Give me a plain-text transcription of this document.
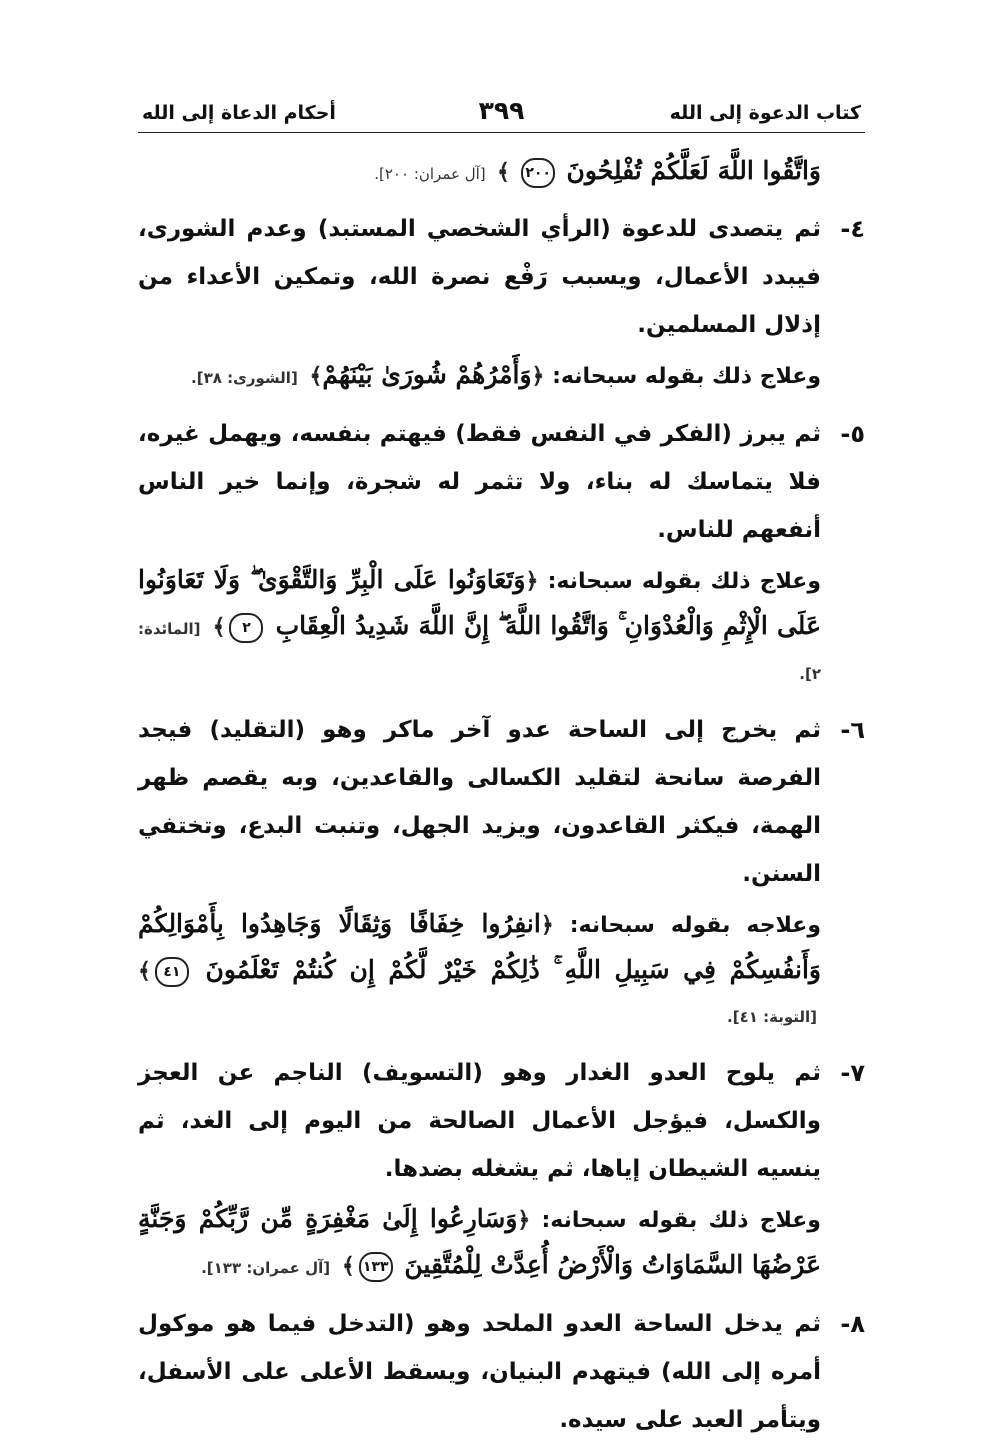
كتاب الدعوة إلى الله
٣٩٩
أحكام الدعاة إلى الله
وَاتَّقُوا اللَّهَ لَعَلَّكُمْ تُفْلِحُونَ ٢٠٠ ﴾ [آل عمران: ٢٠٠].
٤-
ثم يتصدى للدعوة (الرأي الشخصي المستبد) وعدم الشورى، فيبدد الأعمال، ويسبب رَفْع نصرة الله، وتمكين الأعداء من إذلال المسلمين.
وعلاج ذلك بقوله سبحانه: ﴿وَأَمْرُهُمْ شُورَىٰ بَيْنَهُمْ﴾ [الشورى: ٣٨].
٥-
ثم يبرز (الفكر في النفس فقط) فيهتم بنفسه، ويهمل غيره، فلا يتماسك له بناء، ولا تثمر له شجرة، وإنما خير الناس أنفعهم للناس.
وعلاج ذلك بقوله سبحانه: ﴿وَتَعَاوَنُوا عَلَى الْبِرِّ وَالتَّقْوَىٰ ۖ وَلَا تَعَاوَنُوا عَلَى الْإِثْمِ وَالْعُدْوَانِ ۚ وَاتَّقُوا اللَّهَ ۖ إِنَّ اللَّهَ شَدِيدُ الْعِقَابِ ٢﴾ [المائدة: ٢].
٦-
ثم يخرج إلى الساحة عدو آخر ماكر وهو (التقليد) فيجد الفرصة سانحة لتقليد الكسالى والقاعدين، وبه يقصم ظهر الهمة، فيكثر القاعدون، ويزيد الجهل، وتنبت البدع، وتختفي السنن.
وعلاجه بقوله سبحانه: ﴿انفِرُوا خِفَافًا وَثِقَالًا وَجَاهِدُوا بِأَمْوَالِكُمْ وَأَنفُسِكُمْ فِي سَبِيلِ اللَّهِ ۚ ذَٰلِكُمْ خَيْرٌ لَّكُمْ إِن كُنتُمْ تَعْلَمُونَ ٤١﴾ [التوبة: ٤١].
٧-
ثم يلوح العدو الغدار وهو (التسويف) الناجم عن العجز والكسل، فيؤجل الأعمال الصالحة من اليوم إلى الغد، ثم ينسيه الشيطان إياها، ثم يشغله بضدها.
وعلاج ذلك بقوله سبحانه: ﴿وَسَارِعُوا إِلَىٰ مَغْفِرَةٍ مِّن رَّبِّكُمْ وَجَنَّةٍ عَرْضُهَا السَّمَاوَاتُ وَالْأَرْضُ أُعِدَّتْ لِلْمُتَّقِينَ ١٣٣﴾ [آل عمران: ١٣٣].
٨-
ثم يدخل الساحة العدو الملحد وهو (التدخل فيما هو موكول أمره إلى الله) فيتهدم البنيان، ويسقط الأعلى على الأسفل، ويتأمر العبد على سيده.
